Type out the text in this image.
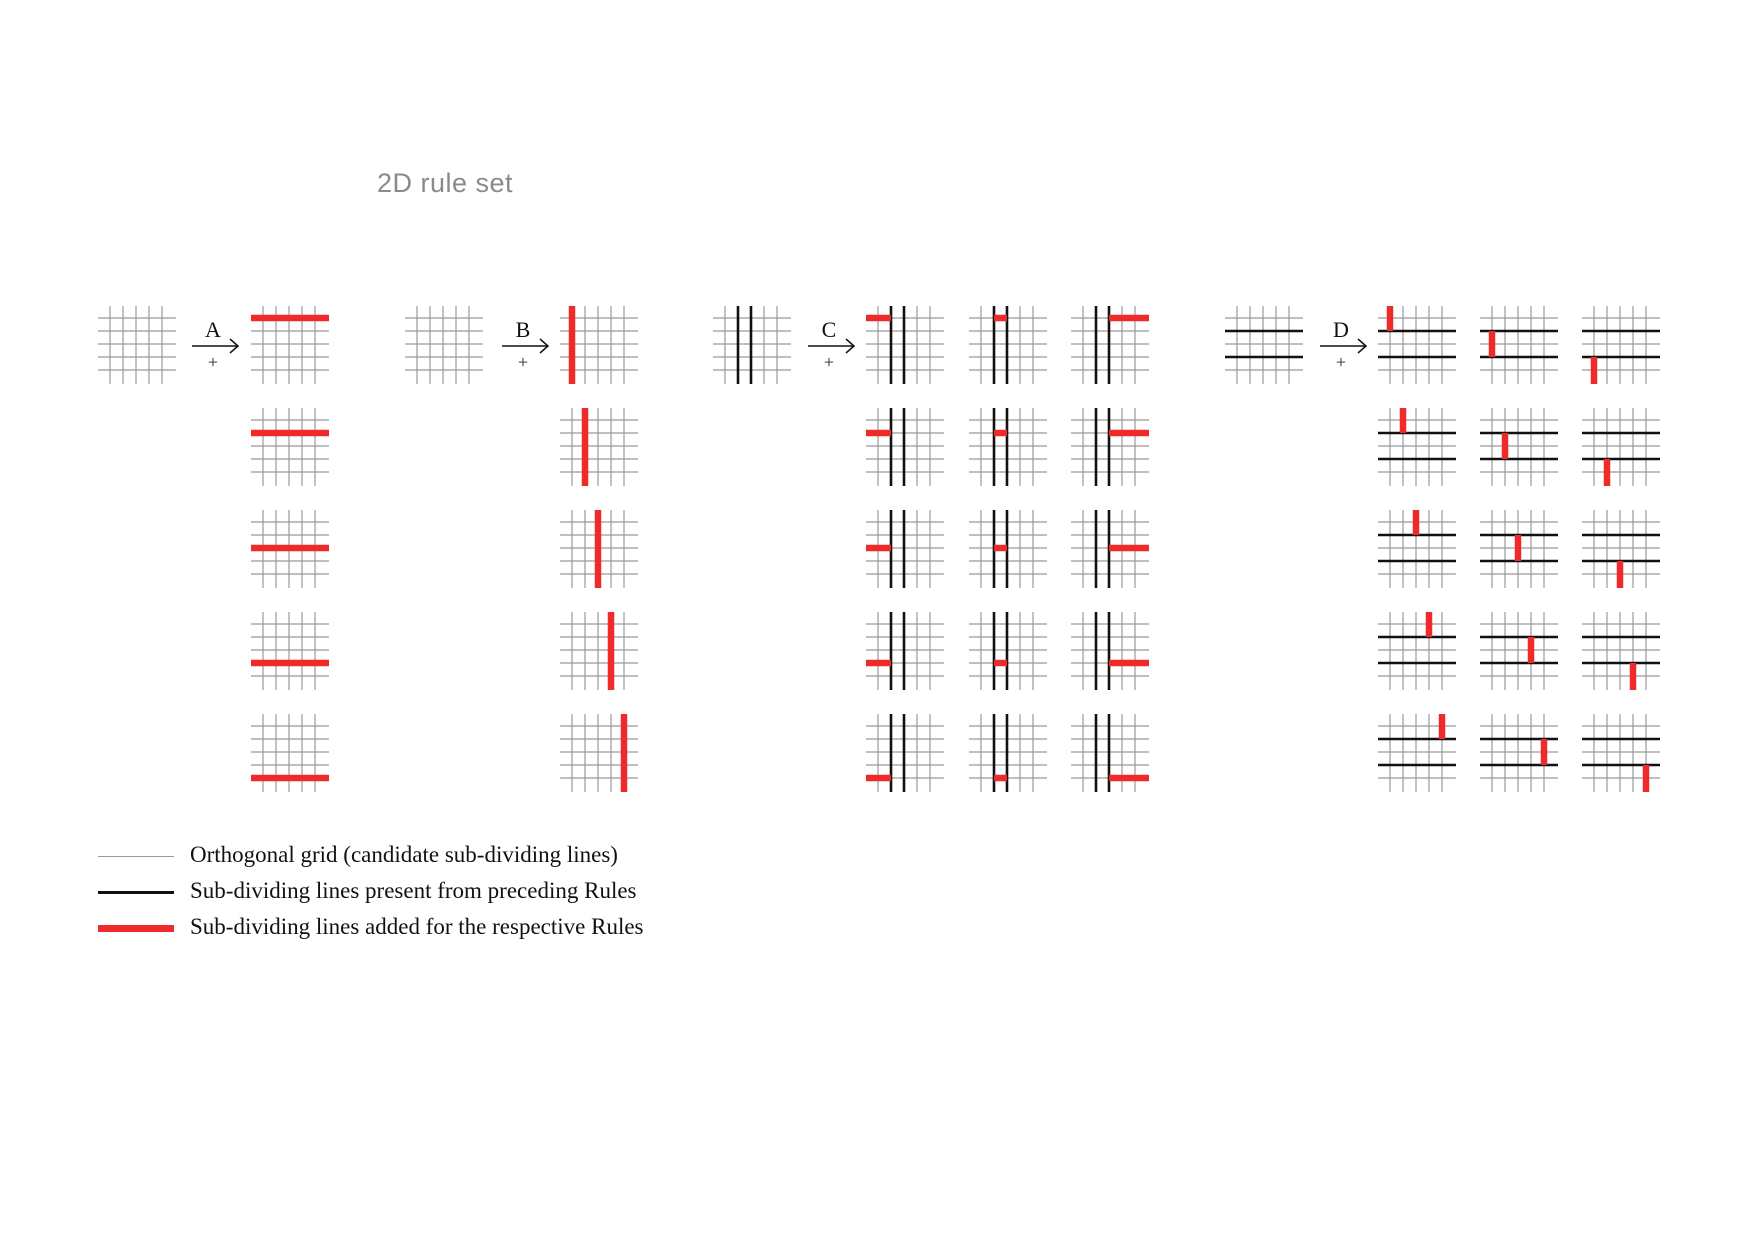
2D rule set
A
+
B
+
C
+
D
+
Orthogonal grid (candidate sub-dividing lines)
Sub-dividing lines present from preceding Rules
Sub-dividing lines added for the respective Rules
